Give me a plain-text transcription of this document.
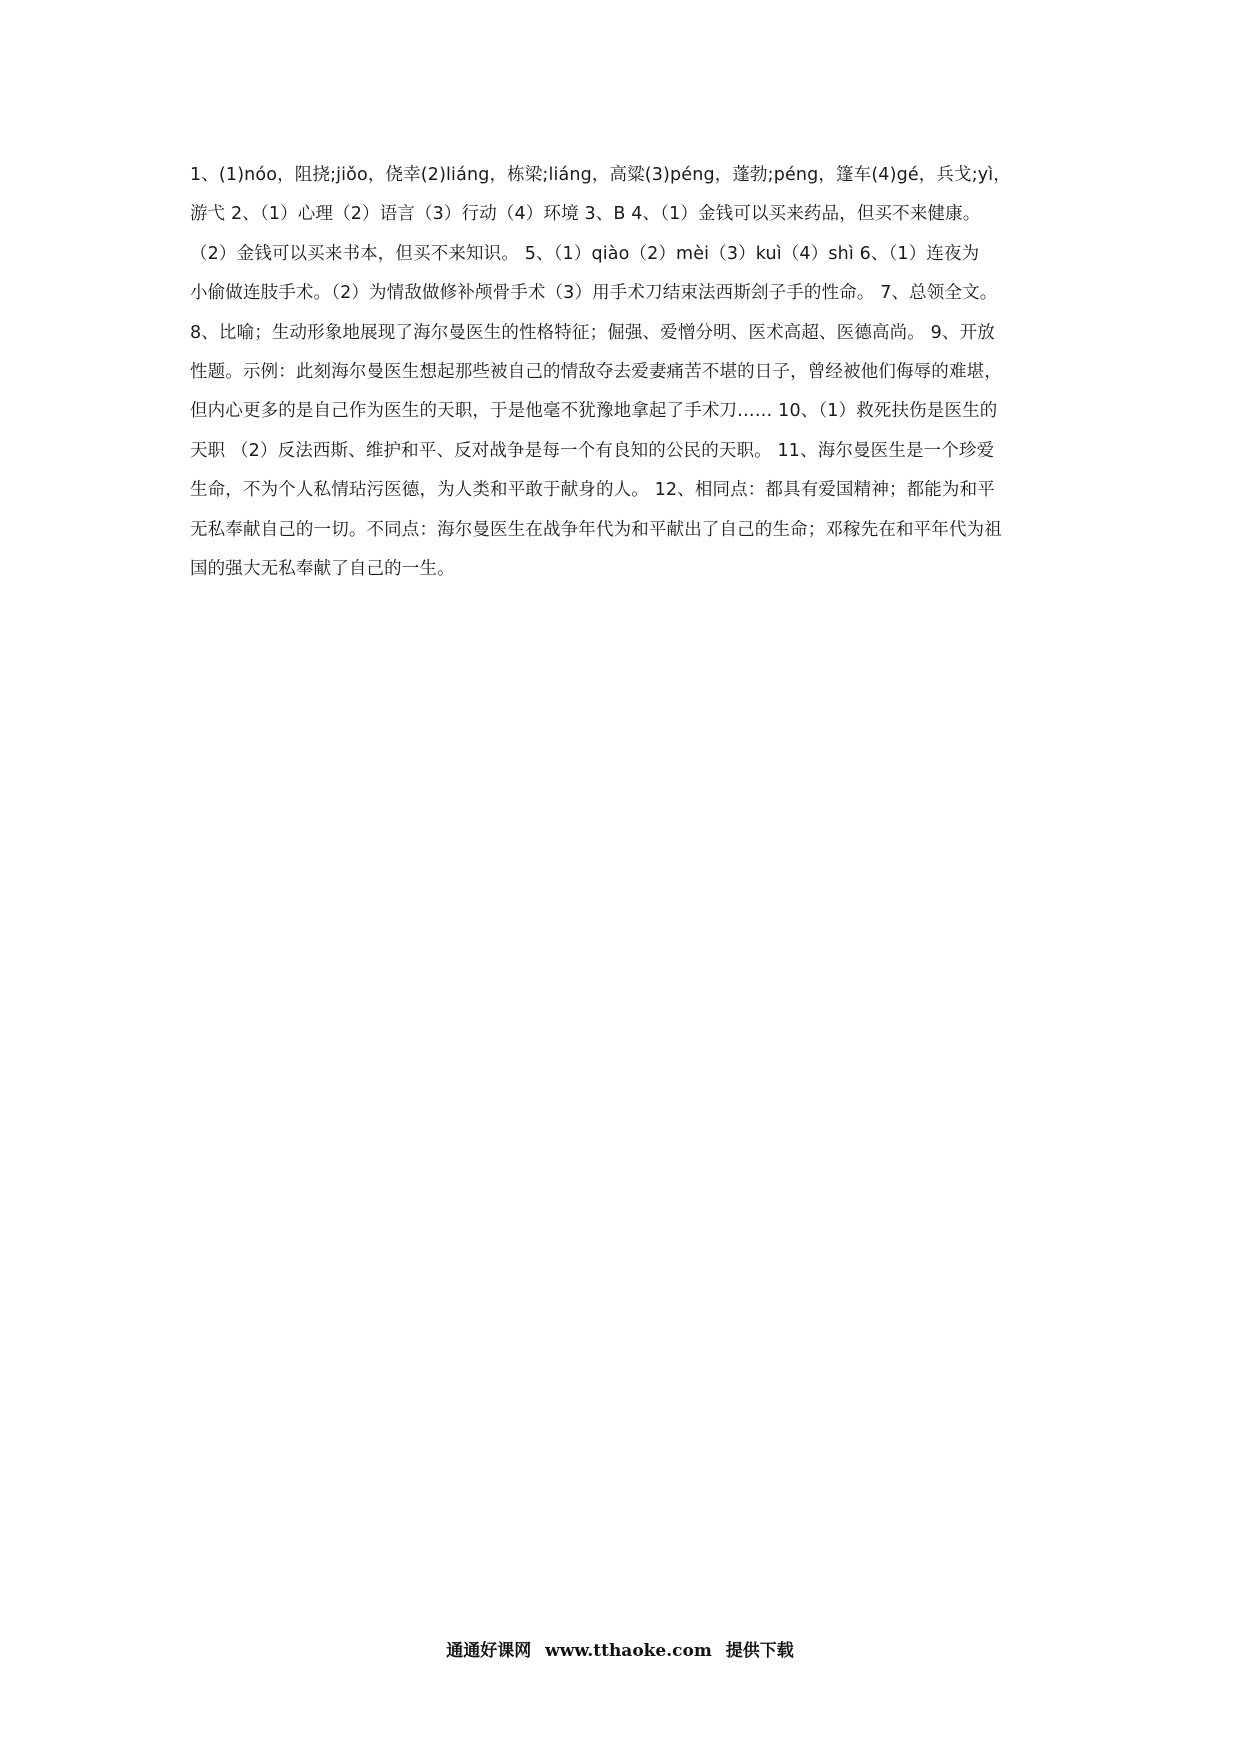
1、(1)nóo，阻挠;jiǒo，侥幸(2)liáng，栋梁;liáng，高粱(3)péng，蓬勃;péng，篷车(4)gé，兵戈;yì，
游弋 2、（1）心理（2）语言（3）行动（4）环境 3、B 4、（1）金钱可以买来药品，但买不来健康。
（2）金钱可以买来书本，但买不来知识。 5、（1）qiào（2）mèi（3）kuì（4）shì 6、（1）连夜为
小偷做连肢手术。（2）为情敌做修补颅骨手术（3）用手术刀结束法西斯刽子手的性命。 7、总领全文。
8、比喻；生动形象地展现了海尔曼医生的性格特征；倔强、爱憎分明、医术高超、医德高尚。 9、开放
性题。示例：此刻海尔曼医生想起那些被自己的情敌夺去爱妻痛苦不堪的日子，曾经被他们侮辱的难堪，
但内心更多的是自己作为医生的天职，于是他毫不犹豫地拿起了手术刀…… 10、（1）救死扶伤是医生的
天职 （2）反法西斯、维护和平、反对战争是每一个有良知的公民的天职。 11、海尔曼医生是一个珍爱
生命，不为个人私情玷污医德，为人类和平敢于献身的人。 12、相同点：都具有爱国精神；都能为和平
无私奉献自己的一切。不同点：海尔曼医生在战争年代为和平献出了自己的生命；邓稼先在和平年代为祖
国的强大无私奉献了自己的一生。
通通好课网 www.tthaoke.com 提供下载
